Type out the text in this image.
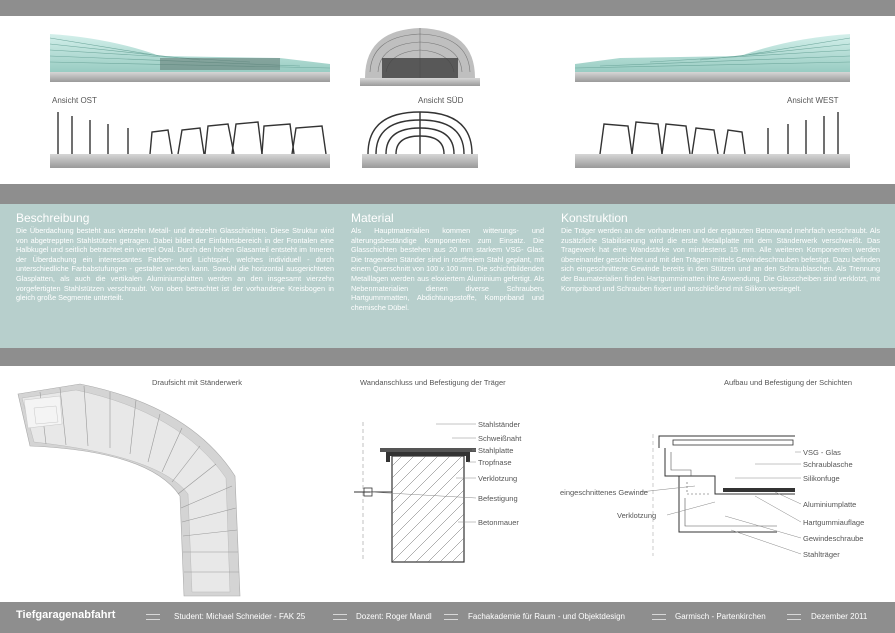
Ansicht OST	Ansicht SÜD	Ansicht WEST
Beschreibung

Die Überdachung besteht aus vierzehn Metall- und dreizehn Glasschichten. Diese Struktur wird von abgetreppten Stahlstützen getragen. Dabei bildet der Einfahrtsbereich in der Frontalen eine Halbkugel und seitlich betrachtet ein viertel Oval. Durch den hohen Glasanteil entsteht im Inneren der Überdachung ein interessantes Farben- und Lichtspiel, welches individuell - durch unterschiedliche Farbabstufungen - gestaltet werden kann. Sowohl die horizontal ausgerichteten Glasplatten, als auch die vertikalen Aluminiumplatten werden an den insgesamt vierzehn vorgefertigten Stahlstützen verschraubt. Von oben betrachtet ist der vorhandene Kreisbogen in gleich große Segmente unterteilt.

Material

Als Hauptmaterialien kommen witterungs- und alterungsbeständige Komponenten zum Einsatz. Die Glasschichten bestehen aus 20 mm starkem VSG- Glas. Die tragenden Ständer sind in rostfreiem Stahl geplant, mit einem Querschnitt von 100 x 100 mm. Die schichtbildenden Metalllagen werden aus eloxiertem Aluminium gefertigt. Als Nebenmaterialien dienen diverse Schrauben, Hartgummmatten, Abdichtungsstoffe, Kompriband und chemische Dübel.

Konstruktion

Die Träger werden an der vorhandenen und der ergänzten Betonwand mehrfach verschraubt. Als zusätzliche Stabilisierung wird die erste Metallplatte mit dem Ständerwerk verschweißt. Das Tragewerk hat eine Wandstärke von mindestens 15 mm. Alle weiteren Komponenten werden übereinander geschichtet und mit den Trägern mittels Gewindeschrauben befestigt. Dazu befinden sich eingeschnittene Gewinde bereits in den Stützen und an den Schraublaschen. Als Trennung der Baumaterialien finden Hartgummimatten ihre Anwendung. Die Glasscheiben sind verklotzt, mit Kompriband und Schrauben fixiert und anschließend mit Silikon versiegelt.

Draufsicht mit Ständerwerk	Wandanschluss und Befestigung der Träger	Aufbau und Befestigung der Schichten
Stahlständer
Schweißnaht
Stahlplatte
Tropfnase
Verklotzung
Befestigung
Betonmauer
VSG - Glas
Schraublasche
Silikonfuge
Aluminiumplatte
Hartgummiauflage
Gewindeschraube
Stahlträger
eingeschnittenes Gewinde
Verklotzung
Tiefgaragenabfahrt	Student: Michael Schneider - FAK 25	Dozent: Roger Mandl	Fachakademie für Raum - und Objektdesign	Garmisch - Partenkirchen	Dezember 2011
